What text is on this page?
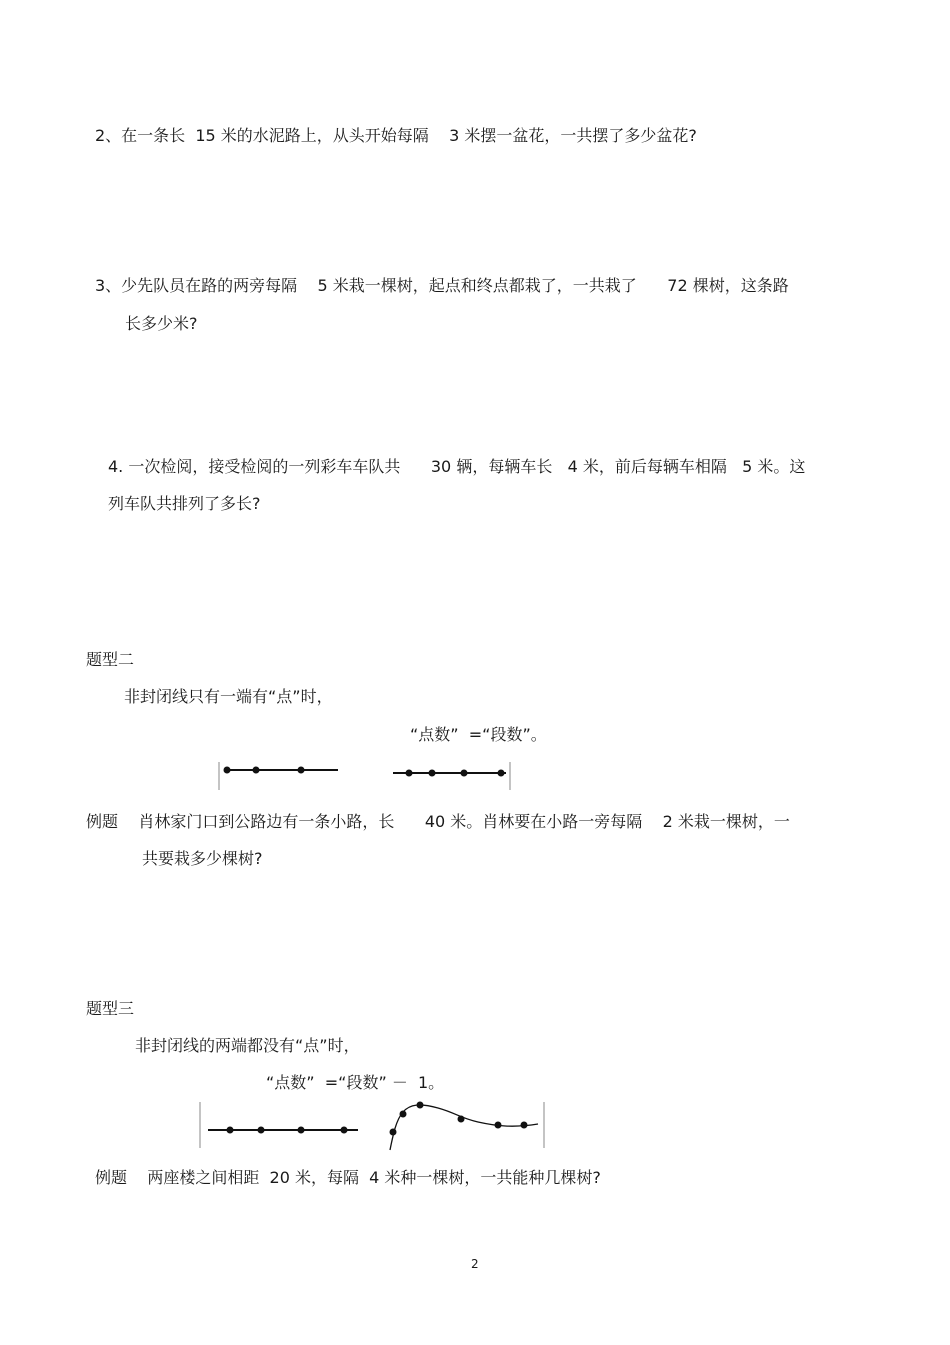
2、在一条长  15 米的水泥路上，从头开始每隔    3 米摆一盆花，一共摆了多少盆花?

3、少先队员在路的两旁每隔    5 米栽一棵树，起点和终点都栽了，一共栽了      72 棵树，这条路

长多少米?

4. 一次检阅，接受检阅的一列彩车车队共      30 辆，每辆车长   4 米，前后每辆车相隔   5 米。这

列车队共排列了多长?

题型二

非封闭线只有一端有“点”时，

“点数”  =“段数”。

例题    肖林家门口到公路边有一条小路，长      40 米。肖林要在小路一旁每隔    2 米栽一棵树，一

共要栽多少棵树?

题型三

非封闭线的两端都没有“点”时，

“点数”  =“段数” －  1。

例题    两座楼之间相距  20 米，每隔  4 米种一棵树，一共能种几棵树?

2
